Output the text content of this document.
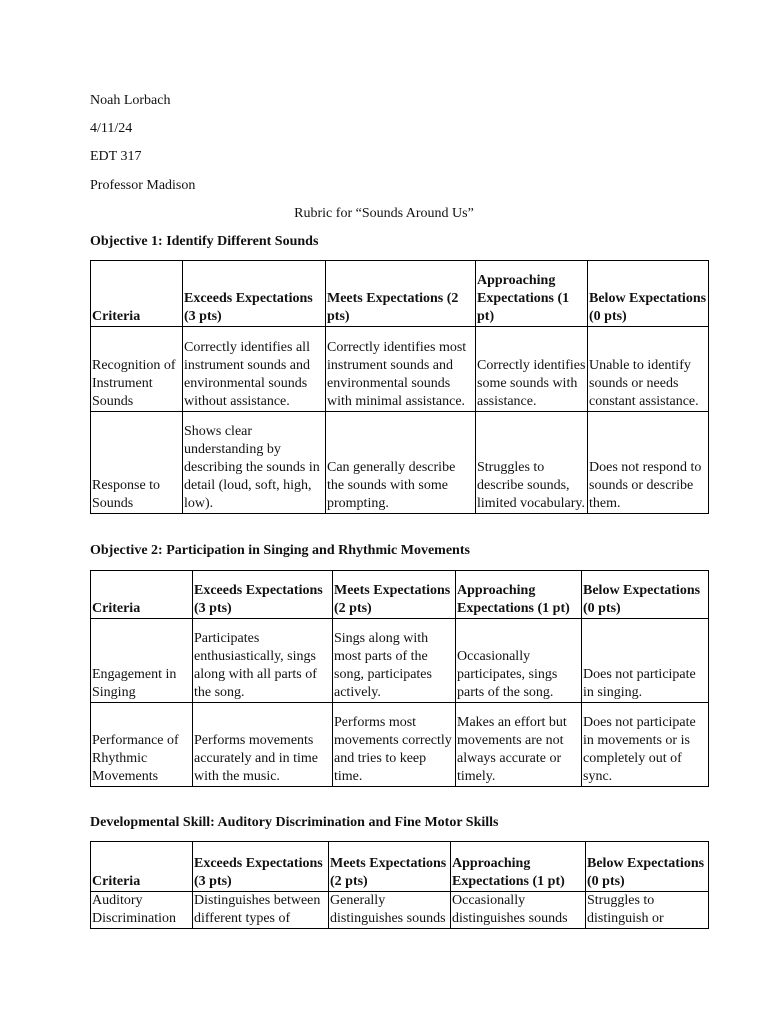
Noah Lorbach
4/11/24
EDT 317
Professor Madison
Rubric for “Sounds Around Us”
Objective 1: Identify Different Sounds
Criteria	Exceeds Expectations (3 pts)	Meets Expectations (2 pts)	Approaching Expectations (1 pt)	Below Expectations (0 pts)
Recognition of Instrument Sounds	Correctly identifies all instrument sounds and environmental sounds without assistance.	Correctly identifies most instrument sounds and environmental sounds with minimal assistance.	Correctly identifies some sounds with assistance.	Unable to identify sounds or needs constant assistance.
Response to Sounds	Shows clear understanding by describing the sounds in detail (loud, soft, high, low).	Can generally describe the sounds with some prompting.	Struggles to describe sounds, limited vocabulary.	Does not respond to sounds or describe them.
Objective 2: Participation in Singing and Rhythmic Movements
Criteria	Exceeds Expectations (3 pts)	Meets Expectations (2 pts)	Approaching Expectations (1 pt)	Below Expectations (0 pts)
Engagement in Singing	Participates enthusiastically, sings along with all parts of the song.	Sings along with most parts of the song, participates actively.	Occasionally participates, sings parts of the song.	Does not participate in singing.
Performance of Rhythmic Movements	Performs movements accurately and in time with the music.	Performs most movements correctly and tries to keep time.	Makes an effort but movements are not always accurate or timely.	Does not participate in movements or is completely out of sync.
Developmental Skill: Auditory Discrimination and Fine Motor Skills
Criteria	Exceeds Expectations (3 pts)	Meets Expectations (2 pts)	Approaching Expectations (1 pt)	Below Expectations (0 pts)
Auditory Discrimination	Distinguishes between different types of	Generally distinguishes sounds	Occasionally distinguishes sounds	Struggles to distinguish or
